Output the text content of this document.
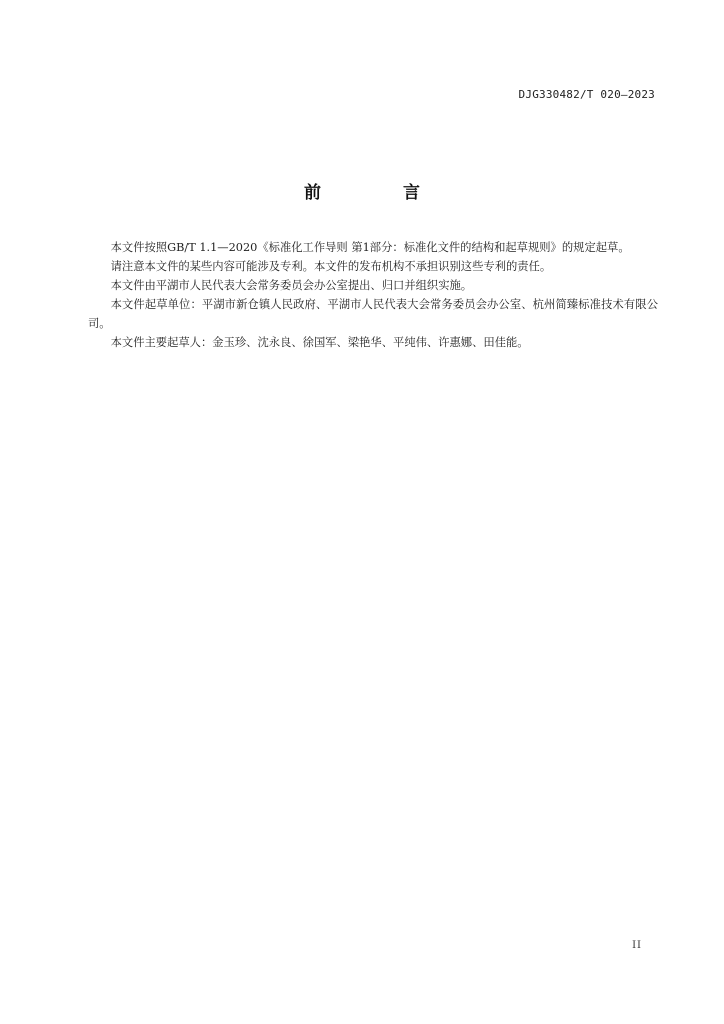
DJG330482/T 020—2023
前 言

本文件按照GB/T 1.1—2020《标准化工作导则 第1部分：标准化文件的结构和起草规则》的规定起草。

请注意本文件的某些内容可能涉及专利。本文件的发布机构不承担识别这些专利的责任。

本文件由平湖市人民代表大会常务委员会办公室提出、归口并组织实施。

本文件起草单位：平湖市新仓镇人民政府、平湖市人民代表大会常务委员会办公室、杭州简臻标准技术有限公司。

本文件主要起草人：金玉珍、沈永良、徐国军、梁艳华、平纯伟、许惠娜、田佳能。

II
